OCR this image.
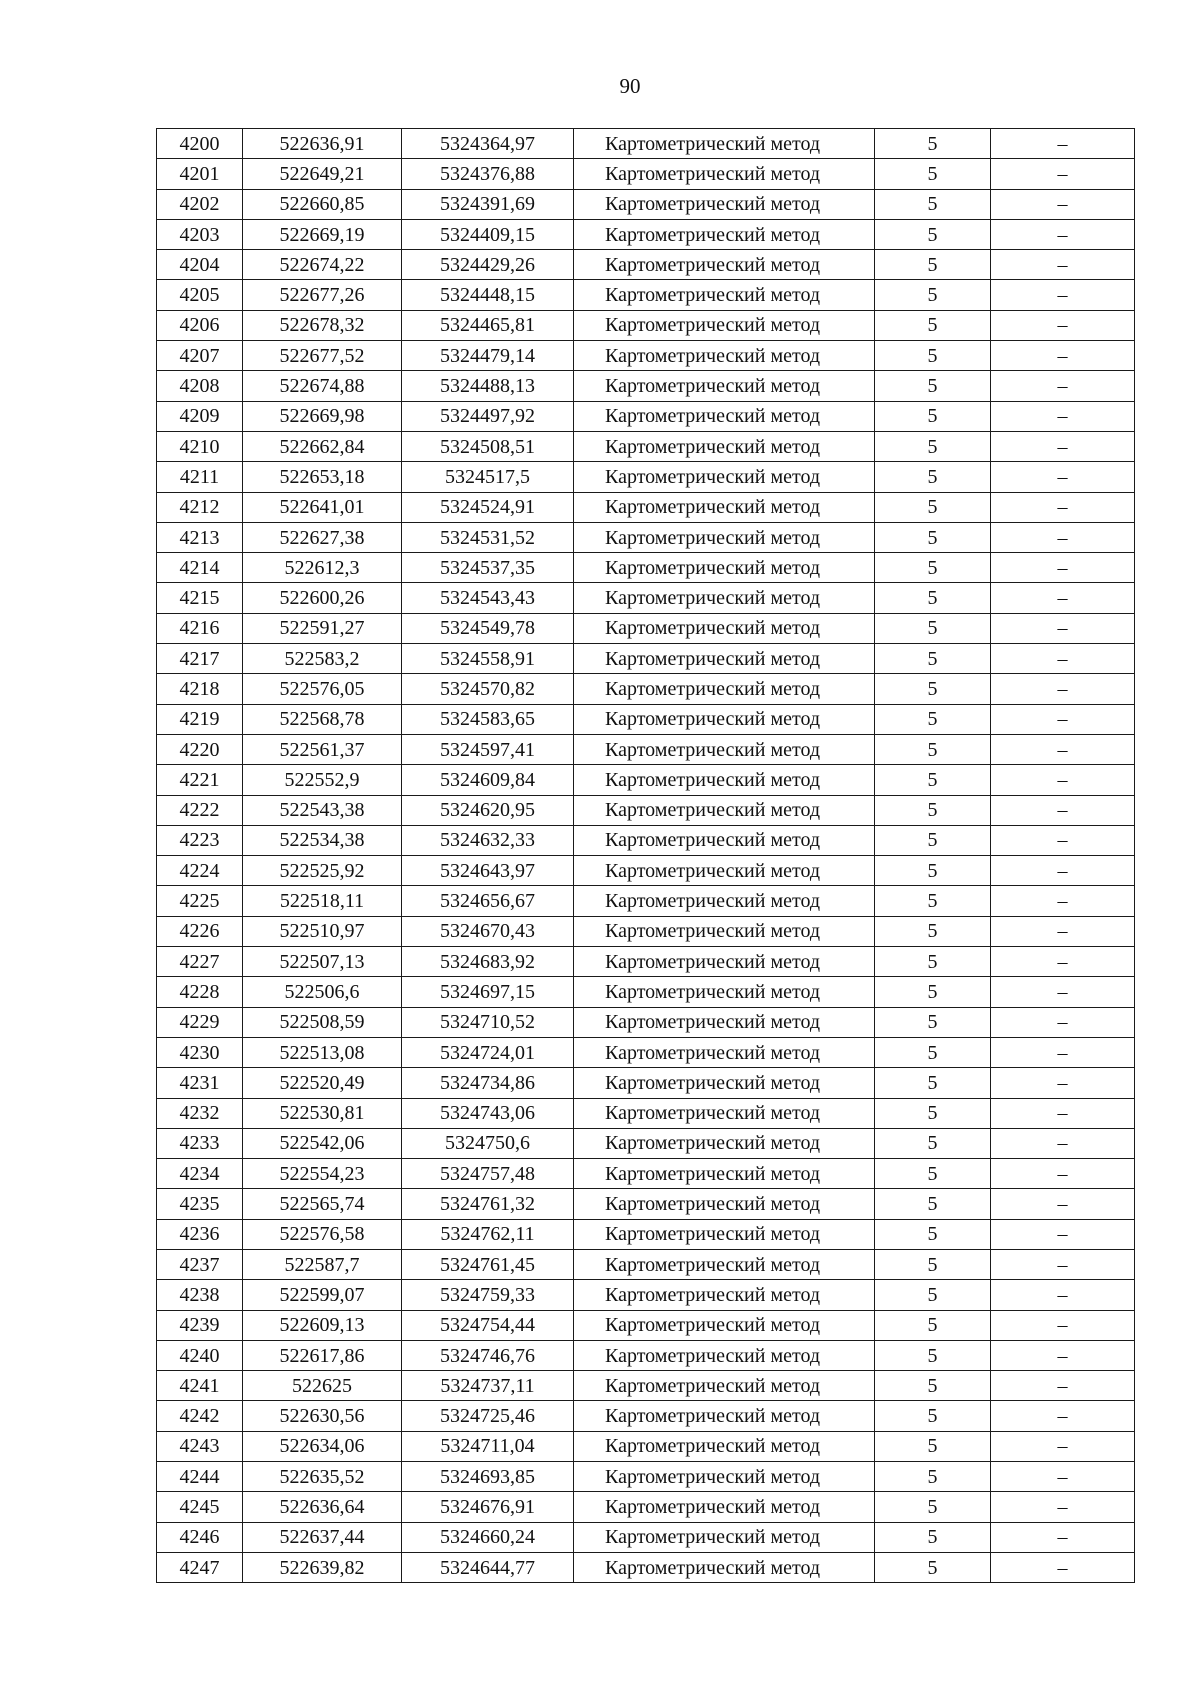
90
4200	522636,91	5324364,97	Картометрический метод	5	–
4201	522649,21	5324376,88	Картометрический метод	5	–
4202	522660,85	5324391,69	Картометрический метод	5	–
4203	522669,19	5324409,15	Картометрический метод	5	–
4204	522674,22	5324429,26	Картометрический метод	5	–
4205	522677,26	5324448,15	Картометрический метод	5	–
4206	522678,32	5324465,81	Картометрический метод	5	–
4207	522677,52	5324479,14	Картометрический метод	5	–
4208	522674,88	5324488,13	Картометрический метод	5	–
4209	522669,98	5324497,92	Картометрический метод	5	–
4210	522662,84	5324508,51	Картометрический метод	5	–
4211	522653,18	5324517,5	Картометрический метод	5	–
4212	522641,01	5324524,91	Картометрический метод	5	–
4213	522627,38	5324531,52	Картометрический метод	5	–
4214	522612,3	5324537,35	Картометрический метод	5	–
4215	522600,26	5324543,43	Картометрический метод	5	–
4216	522591,27	5324549,78	Картометрический метод	5	–
4217	522583,2	5324558,91	Картометрический метод	5	–
4218	522576,05	5324570,82	Картометрический метод	5	–
4219	522568,78	5324583,65	Картометрический метод	5	–
4220	522561,37	5324597,41	Картометрический метод	5	–
4221	522552,9	5324609,84	Картометрический метод	5	–
4222	522543,38	5324620,95	Картометрический метод	5	–
4223	522534,38	5324632,33	Картометрический метод	5	–
4224	522525,92	5324643,97	Картометрический метод	5	–
4225	522518,11	5324656,67	Картометрический метод	5	–
4226	522510,97	5324670,43	Картометрический метод	5	–
4227	522507,13	5324683,92	Картометрический метод	5	–
4228	522506,6	5324697,15	Картометрический метод	5	–
4229	522508,59	5324710,52	Картометрический метод	5	–
4230	522513,08	5324724,01	Картометрический метод	5	–
4231	522520,49	5324734,86	Картометрический метод	5	–
4232	522530,81	5324743,06	Картометрический метод	5	–
4233	522542,06	5324750,6	Картометрический метод	5	–
4234	522554,23	5324757,48	Картометрический метод	5	–
4235	522565,74	5324761,32	Картометрический метод	5	–
4236	522576,58	5324762,11	Картометрический метод	5	–
4237	522587,7	5324761,45	Картометрический метод	5	–
4238	522599,07	5324759,33	Картометрический метод	5	–
4239	522609,13	5324754,44	Картометрический метод	5	–
4240	522617,86	5324746,76	Картометрический метод	5	–
4241	522625	5324737,11	Картометрический метод	5	–
4242	522630,56	5324725,46	Картометрический метод	5	–
4243	522634,06	5324711,04	Картометрический метод	5	–
4244	522635,52	5324693,85	Картометрический метод	5	–
4245	522636,64	5324676,91	Картометрический метод	5	–
4246	522637,44	5324660,24	Картометрический метод	5	–
4247	522639,82	5324644,77	Картометрический метод	5	–
